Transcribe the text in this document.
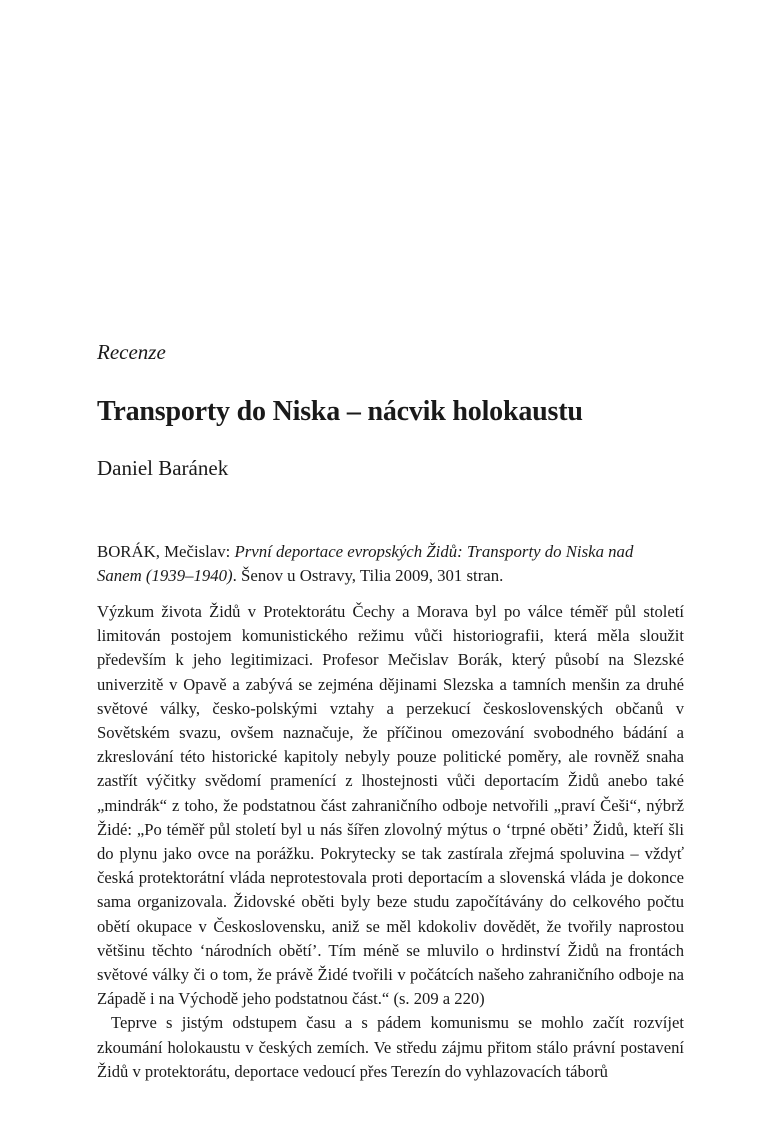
Recenze

Transporty do Niska – nácvik holokaustu

Daniel Baránek

BORÁK, Mečislav: První deportace evropských Židů: Transporty do Niska nad Sanem (1939–1940). Šenov u Ostravy, Tilia 2009, 301 stran.

Výzkum života Židů v Protektorátu Čechy a Morava byl po válce téměř půl století limitován postojem komunistického režimu vůči historiografii, která měla sloužit především k jeho legitimizaci. Profesor Mečislav Borák, který působí na Slezské univerzitě v Opavě a zabývá se zejména dějinami Slezska a tamních menšin za druhé světové války, česko-polskými vztahy a perzekucí československých občanů v Sovětském svazu, ovšem naznačuje, že příčinou omezování svobodného bádání a zkreslování této historické kapitoly nebyly pouze politické poměry, ale rovněž snaha zastřít výčitky svědomí pramenící z lhostejnosti vůči deportacím Židů anebo také „mindrák“ z toho, že podstatnou část zahraničního odboje netvořili „praví Češi“, nýbrž Židé: „Po téměř půl století byl u nás šířen zlovolný mýtus o ‘trpné oběti’ Židů, kteří šli do plynu jako ovce na porážku. Pokrytecky se tak zastírala zřejmá spoluvina – vždyť česká protektorátní vláda neprotestovala proti deportacím a slovenská vláda je dokonce sama organizovala. Židovské oběti byly beze studu započítávány do celkového počtu obětí okupace v Československu, aniž se měl kdokoliv dovědět, že tvořily naprostou většinu těchto ‘národních obětí’. Tím méně se mluvilo o hrdinství Židů na frontách světové války či o tom, že právě Židé tvořili v počátcích našeho zahraničního odboje na Západě i na Východě jeho podstatnou část.“ (s. 209 a 220)

Teprve s jistým odstupem času a s pádem komunismu se mohlo začít rozvíjet zkoumání holokaustu v českých zemích. Ve středu zájmu přitom stálo právní postavení Židů v protektorátu, deportace vedoucí přes Terezín do vyhlazovacích táborů
